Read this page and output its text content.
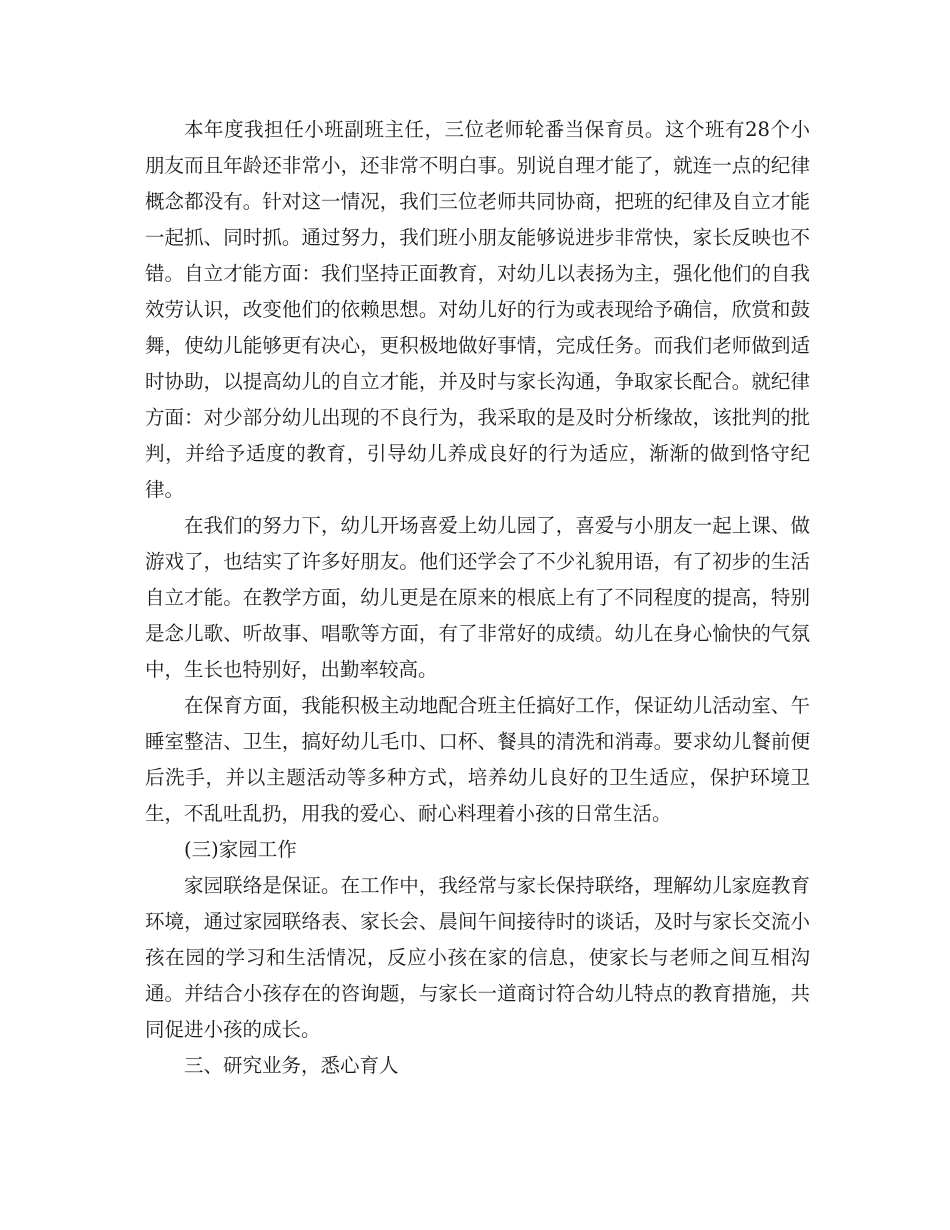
本年度我担任小班副班主任，三位老师轮番当保育员。这个班有28个小朋友而且年龄还非常小，还非常不明白事。别说自理才能了，就连一点的纪律概念都没有。针对这一情况，我们三位老师共同协商，把班的纪律及自立才能一起抓、同时抓。通过努力，我们班小朋友能够说进步非常快，家长反映也不错。自立才能方面：我们坚持正面教育，对幼儿以表扬为主，强化他们的自我效劳认识，改变他们的依赖思想。对幼儿好的行为或表现给予确信，欣赏和鼓舞，使幼儿能够更有决心，更积极地做好事情，完成任务。而我们老师做到适时协助，以提高幼儿的自立才能，并及时与家长沟通，争取家长配合。就纪律方面：对少部分幼儿出现的不良行为，我采取的是及时分析缘故，该批判的批判，并给予适度的教育，引导幼儿养成良好的行为适应，渐渐的做到恪守纪律。

在我们的努力下，幼儿开场喜爱上幼儿园了，喜爱与小朋友一起上课、做游戏了，也结实了许多好朋友。他们还学会了不少礼貌用语，有了初步的生活自立才能。在教学方面，幼儿更是在原来的根底上有了不同程度的提高，特别是念儿歌、听故事、唱歌等方面，有了非常好的成绩。幼儿在身心愉快的气氛中，生长也特别好，出勤率较高。

在保育方面，我能积极主动地配合班主任搞好工作，保证幼儿活动室、午睡室整洁、卫生，搞好幼儿毛巾、口杯、餐具的清洗和消毒。要求幼儿餐前便后洗手，并以主题活动等多种方式，培养幼儿良好的卫生适应，保护环境卫生，不乱吐乱扔，用我的爱心、耐心料理着小孩的日常生活。

(三)家园工作

家园联络是保证。在工作中，我经常与家长保持联络，理解幼儿家庭教育环境，通过家园联络表、家长会、晨间午间接待时的谈话，及时与家长交流小孩在园的学习和生活情况，反应小孩在家的信息，使家长与老师之间互相沟通。并结合小孩存在的咨询题，与家长一道商讨符合幼儿特点的教育措施，共同促进小孩的成长。

三、研究业务，悉心育人
